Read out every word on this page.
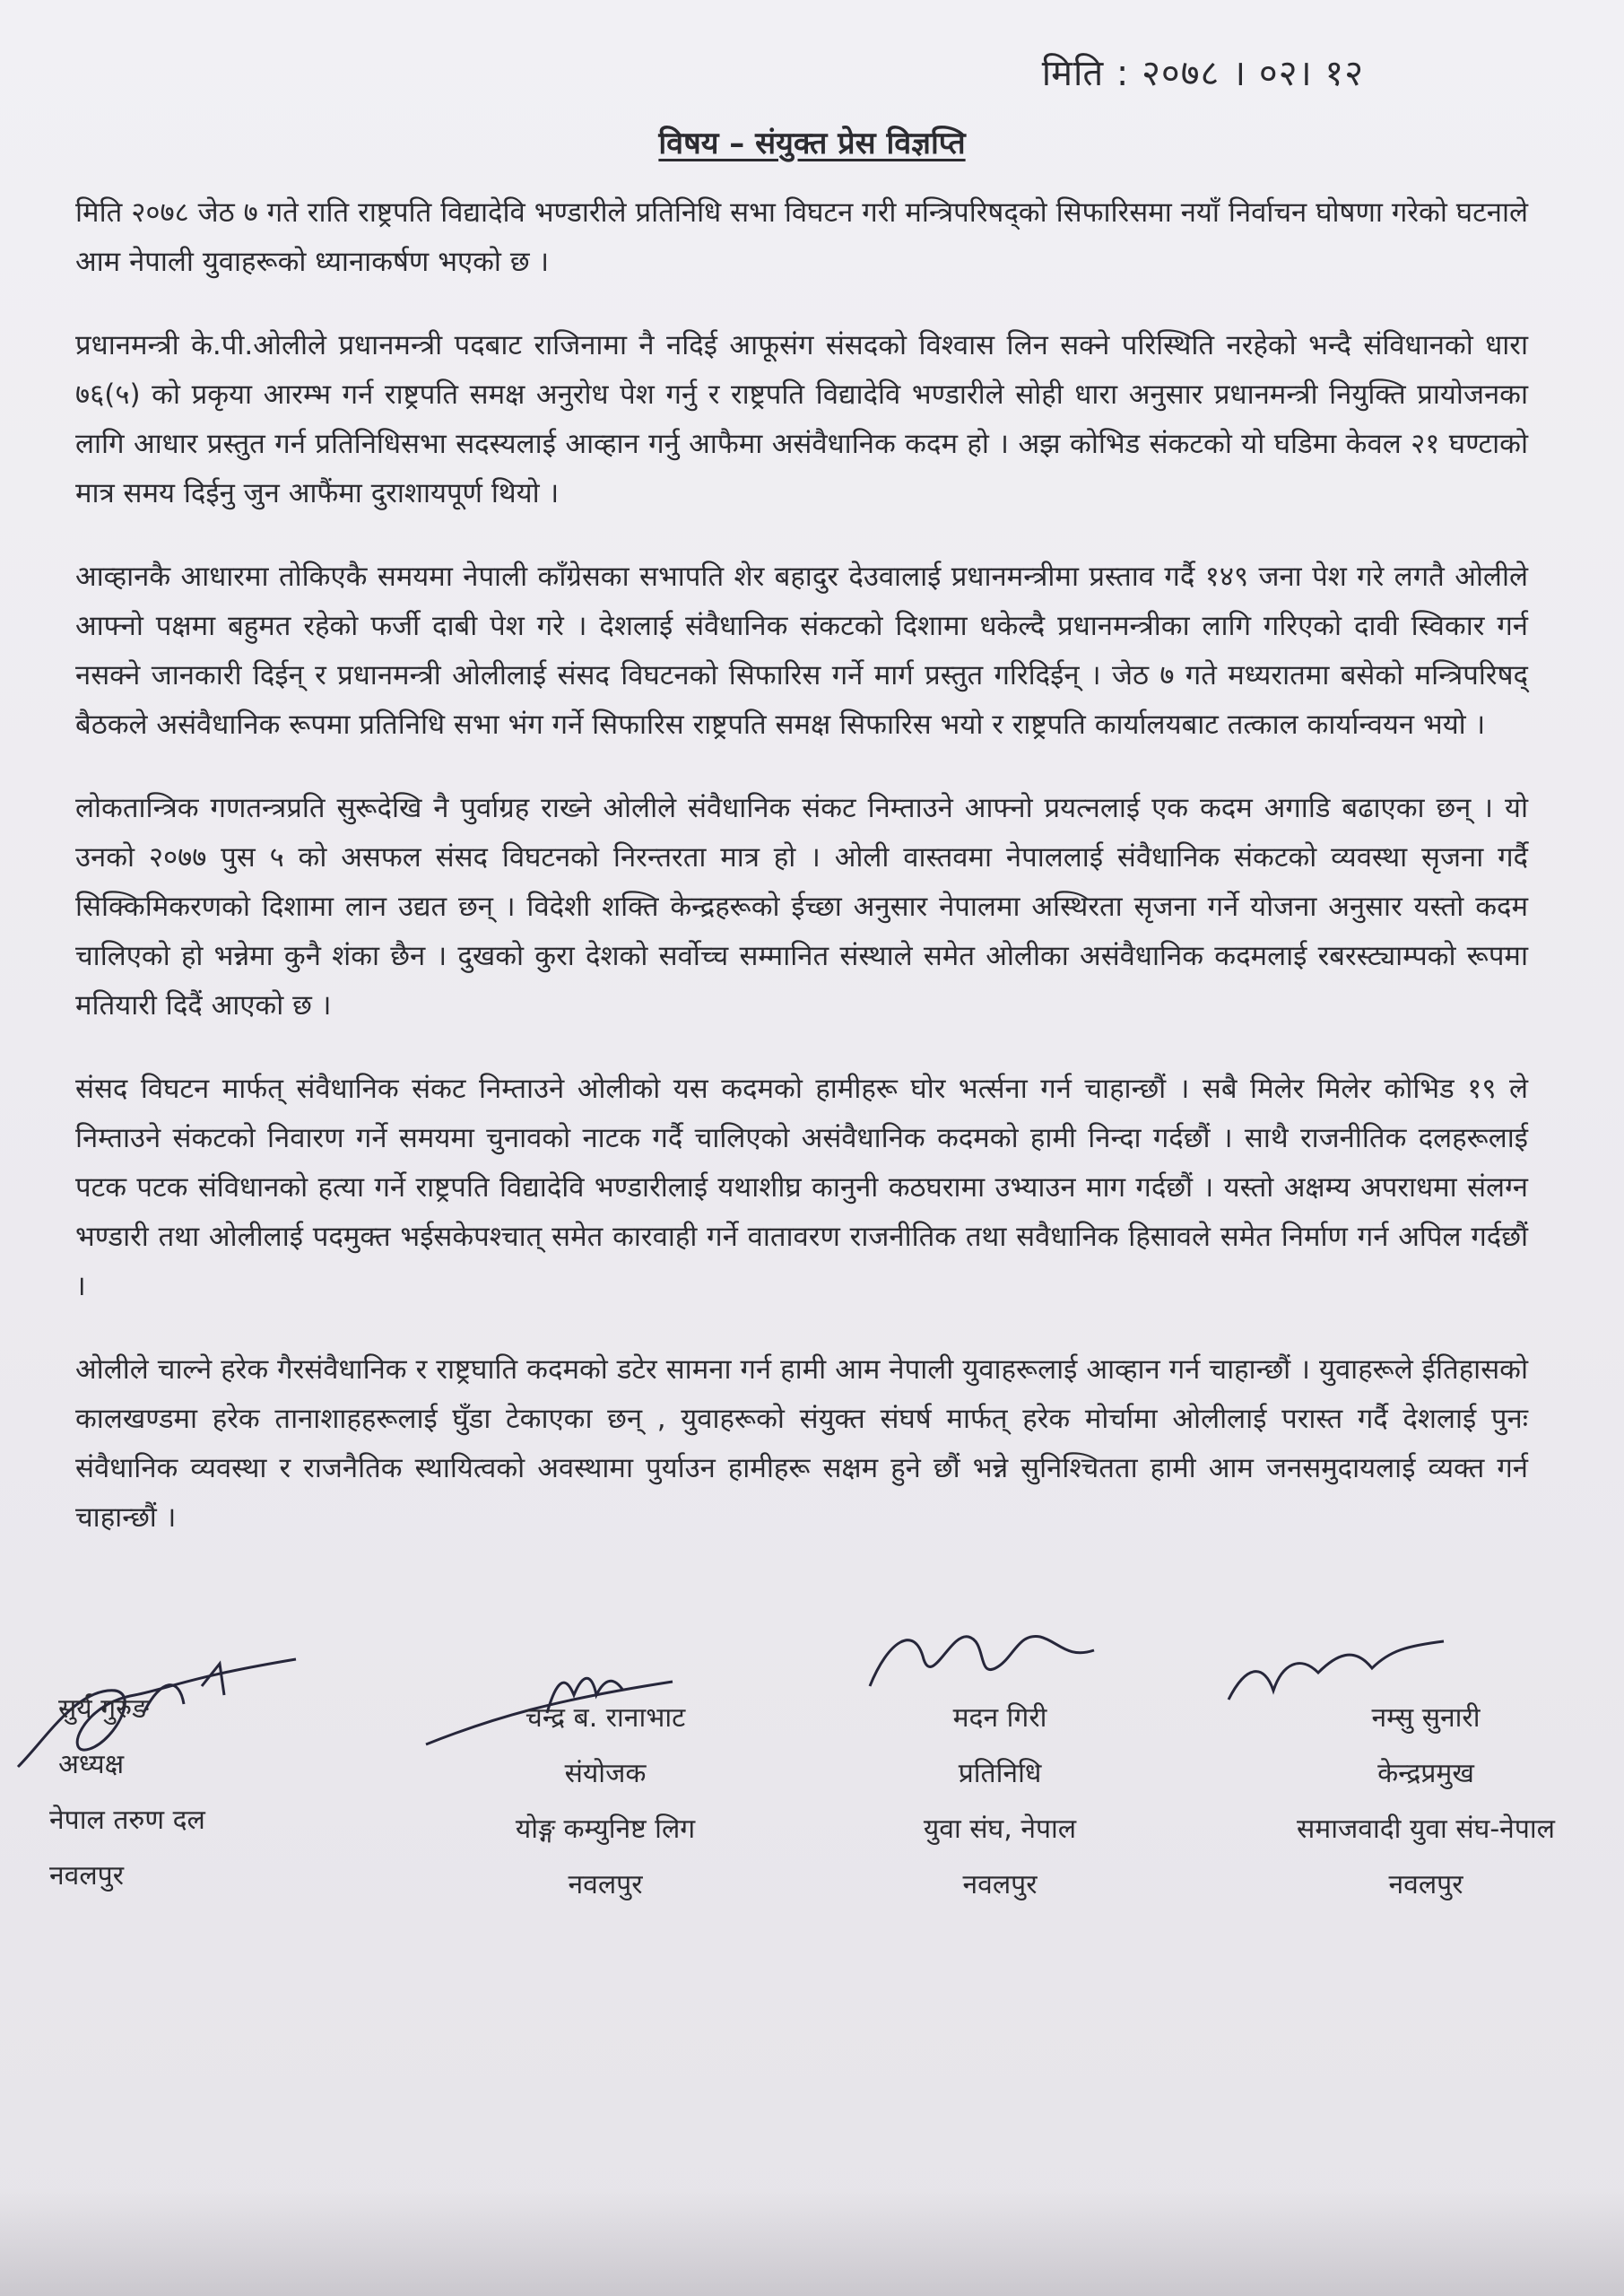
मिति : २०७८ । ०२। १२
विषय – संयुक्त प्रेस विज्ञप्ति

मिति २०७८ जेठ ७ गते राति राष्ट्रपति विद्यादेवि भण्डारीले प्रतिनिधि सभा विघटन गरी मन्त्रिपरिषद्को सिफारिसमा नयाँ निर्वाचन घोषणा गरेको घटनाले आम नेपाली युवाहरूको ध्यानाकर्षण भएको छ ।

प्रधानमन्त्री के.पी.ओलीले प्रधानमन्त्री पदबाट राजिनामा नै नदिई आफूसंग संसदको विश्वास लिन सक्ने परिस्थिति नरहेको भन्दै संविधानको धारा ७६(५) को प्रकृया आरम्भ गर्न राष्ट्रपति समक्ष अनुरोध पेश गर्नु र राष्ट्रपति विद्यादेवि भण्डारीले सोही धारा अनुसार प्रधानमन्त्री नियुक्ति प्रायोजनका लागि आधार प्रस्तुत गर्न प्रतिनिधिसभा सदस्यलाई आव्हान गर्नु आफैमा असंवैधानिक कदम हो । अझ कोभिड संकटको यो घडिमा केवल २१ घण्टाको मात्र समय दिईनु जुन आफैंमा दुराशायपूर्ण थियो ।

आव्हानकै आधारमा तोकिएकै समयमा नेपाली काँग्रेसका सभापति शेर बहादुर देउवालाई प्रधानमन्त्रीमा प्रस्ताव गर्दै १४९ जना पेश गरे लगतै ओलीले आफ्नो पक्षमा बहुमत रहेको फर्जी दाबी पेश गरे । देशलाई संवैधानिक संकटको दिशामा धकेल्दै प्रधानमन्त्रीका लागि गरिएको दावी स्विकार गर्न नसक्ने जानकारी दिईन् र प्रधानमन्त्री ओलीलाई संसद विघटनको सिफारिस गर्ने मार्ग प्रस्तुत गरिदिईन् । जेठ ७ गते मध्यरातमा बसेको मन्त्रिपरिषद् बैठकले असंवैधानिक रूपमा प्रतिनिधि सभा भंग गर्ने सिफारिस राष्ट्रपति समक्ष सिफारिस भयो र राष्ट्रपति कार्यालयबाट तत्काल कार्यान्वयन भयो ।

लोकतान्त्रिक गणतन्त्रप्रति सुरूदेखि नै पुर्वाग्रह राख्ने ओलीले संवैधानिक संकट निम्ताउने आफ्नो प्रयत्नलाई एक कदम अगाडि बढाएका छन् । यो उनको २०७७ पुस ५ को असफल संसद विघटनको निरन्तरता मात्र हो । ओली वास्तवमा नेपाललाई संवैधानिक संकटको व्यवस्था सृजना गर्दै सिक्किमिकरणको दिशामा लान उद्यत छन् । विदेशी शक्ति केन्द्रहरूको ईच्छा अनुसार नेपालमा अस्थिरता सृजना गर्ने योजना अनुसार यस्तो कदम चालिएको हो भन्नेमा कुनै शंका छैन । दुखको कुरा देशको सर्वोच्च सम्मानित संस्थाले समेत ओलीका असंवैधानिक कदमलाई रबरस्ट्याम्पको रूपमा मतियारी दिदैं आएको छ ।

संसद विघटन मार्फत् संवैधानिक संकट निम्ताउने ओलीको यस कदमको हामीहरू घोर भर्त्सना गर्न चाहान्छौं । सबै मिलेर मिलेर कोभिड १९ ले निम्ताउने संकटको निवारण गर्ने समयमा चुनावको नाटक गर्दै चालिएको असंवैधानिक कदमको हामी निन्दा गर्दछौं । साथै राजनीतिक दलहरूलाई पटक पटक संविधानको हत्या गर्ने राष्ट्रपति विद्यादेवि भण्डारीलाई यथाशीघ्र कानुनी कठघरामा उभ्याउन माग गर्दछौं । यस्तो अक्षम्य अपराधमा संलग्न भण्डारी तथा ओलीलाई पदमुक्त भईसकेपश्चात् समेत कारवाही गर्ने वातावरण राजनीतिक तथा सवैधानिक हिसावले समेत निर्माण गर्न अपिल गर्दछौं ।

ओलीले चाल्ने हरेक गैरसंवैधानिक र राष्ट्रघाति कदमको डटेर सामना गर्न हामी आम नेपाली युवाहरूलाई आव्हान गर्न चाहान्छौं । युवाहरूले ईतिहासको कालखण्डमा हरेक तानाशाहहरूलाई घुँडा टेकाएका छन् , युवाहरूको संयुक्त संघर्ष मार्फत् हरेक मोर्चामा ओलीलाई परास्त गर्दै देशलाई पुनः संवैधानिक व्यवस्था र राजनैतिक स्थायित्वको अवस्थामा पुर्याउन हामीहरू सक्षम हुने छौं भन्ने सुनिश्चितता हामी आम जनसमुदायलाई व्यक्त गर्न चाहान्छौं ।

सुर्य गुरुङ
अध्यक्ष
नेपाल तरुण दल
नवलपुर
चन्द्र ब. रानाभाट
संयोजक
योङ्ग कम्युनिष्ट लिग
नवलपुर
मदन गिरी
प्रतिनिधि
युवा संघ, नेपाल
नवलपुर
नम्सु सुनारी
केन्द्रप्रमुख
समाजवादी युवा संघ-नेपाल
नवलपुर
